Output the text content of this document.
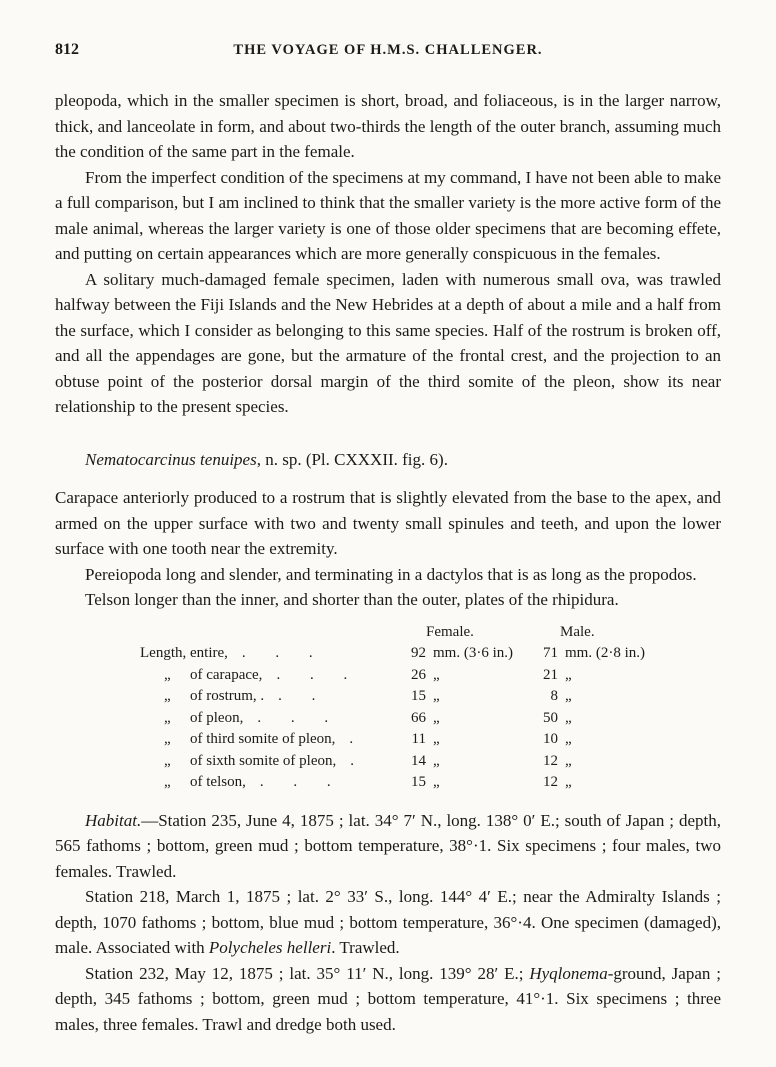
812	THE VOYAGE OF H.M.S. CHALLENGER.

pleopoda, which in the smaller specimen is short, broad, and foliaceous, is in the larger narrow, thick, and lanceolate in form, and about two-thirds the length of the outer branch, assuming much the condition of the same part in the female.

From the imperfect condition of the specimens at my command, I have not been able to make a full comparison, but I am inclined to think that the smaller variety is the more active form of the male animal, whereas the larger variety is one of those older specimens that are becoming effete, and putting on certain appearances which are more generally conspicuous in the females.

A solitary much-damaged female specimen, laden with numerous small ova, was trawled halfway between the Fiji Islands and the New Hebrides at a depth of about a mile and a half from the surface, which I consider as belonging to this same species. Half of the rostrum is broken off, and all the appendages are gone, but the armature of the frontal crest, and the projection to an obtuse point of the posterior dorsal margin of the third somite of the pleon, show its near relationship to the present species.

Nematocarcinus tenuipes, n. sp. (Pl. CXXXII. fig. 6).

Carapace anteriorly produced to a rostrum that is slightly elevated from the base to the apex, and armed on the upper surface with two and twenty small spinules and teeth, and upon the lower surface with one tooth near the extremity.

Pereiopoda long and slender, and terminating in a dactylos that is as long as the propodos.

Telson longer than the inner, and shorter than the outer, plates of the rhipidura.

Female.	Male.
Length, entire, . . .	92 mm. (3·6 in.)	71 mm. (2·8 in.)
„	of carapace, . . .	26 „	21 „
„	of rostrum, . . .	15 „	8 „
„	of pleon, . . .	66 „	50 „
„	of third somite of pleon, .	11 „	10 „
„	of sixth somite of pleon, .	14 „	12 „
„	of telson, . . .	15 „	12 „

Habitat.—Station 235, June 4, 1875 ; lat. 34° 7′ N., long. 138° 0′ E.; south of Japan ; depth, 565 fathoms ; bottom, green mud ; bottom temperature, 38°·1. Six specimens ; four males, two females. Trawled.

Station 218, March 1, 1875 ; lat. 2° 33′ S., long. 144° 4′ E.; near the Admiralty Islands ; depth, 1070 fathoms ; bottom, blue mud ; bottom temperature, 36°·4. One specimen (damaged), male. Associated with Polycheles helleri. Trawled.

Station 232, May 12, 1875 ; lat. 35° 11′ N., long. 139° 28′ E.; Hyqlonema-ground, Japan ; depth, 345 fathoms ; bottom, green mud ; bottom temperature, 41°·1. Six specimens ; three males, three females. Trawl and dredge both used.
